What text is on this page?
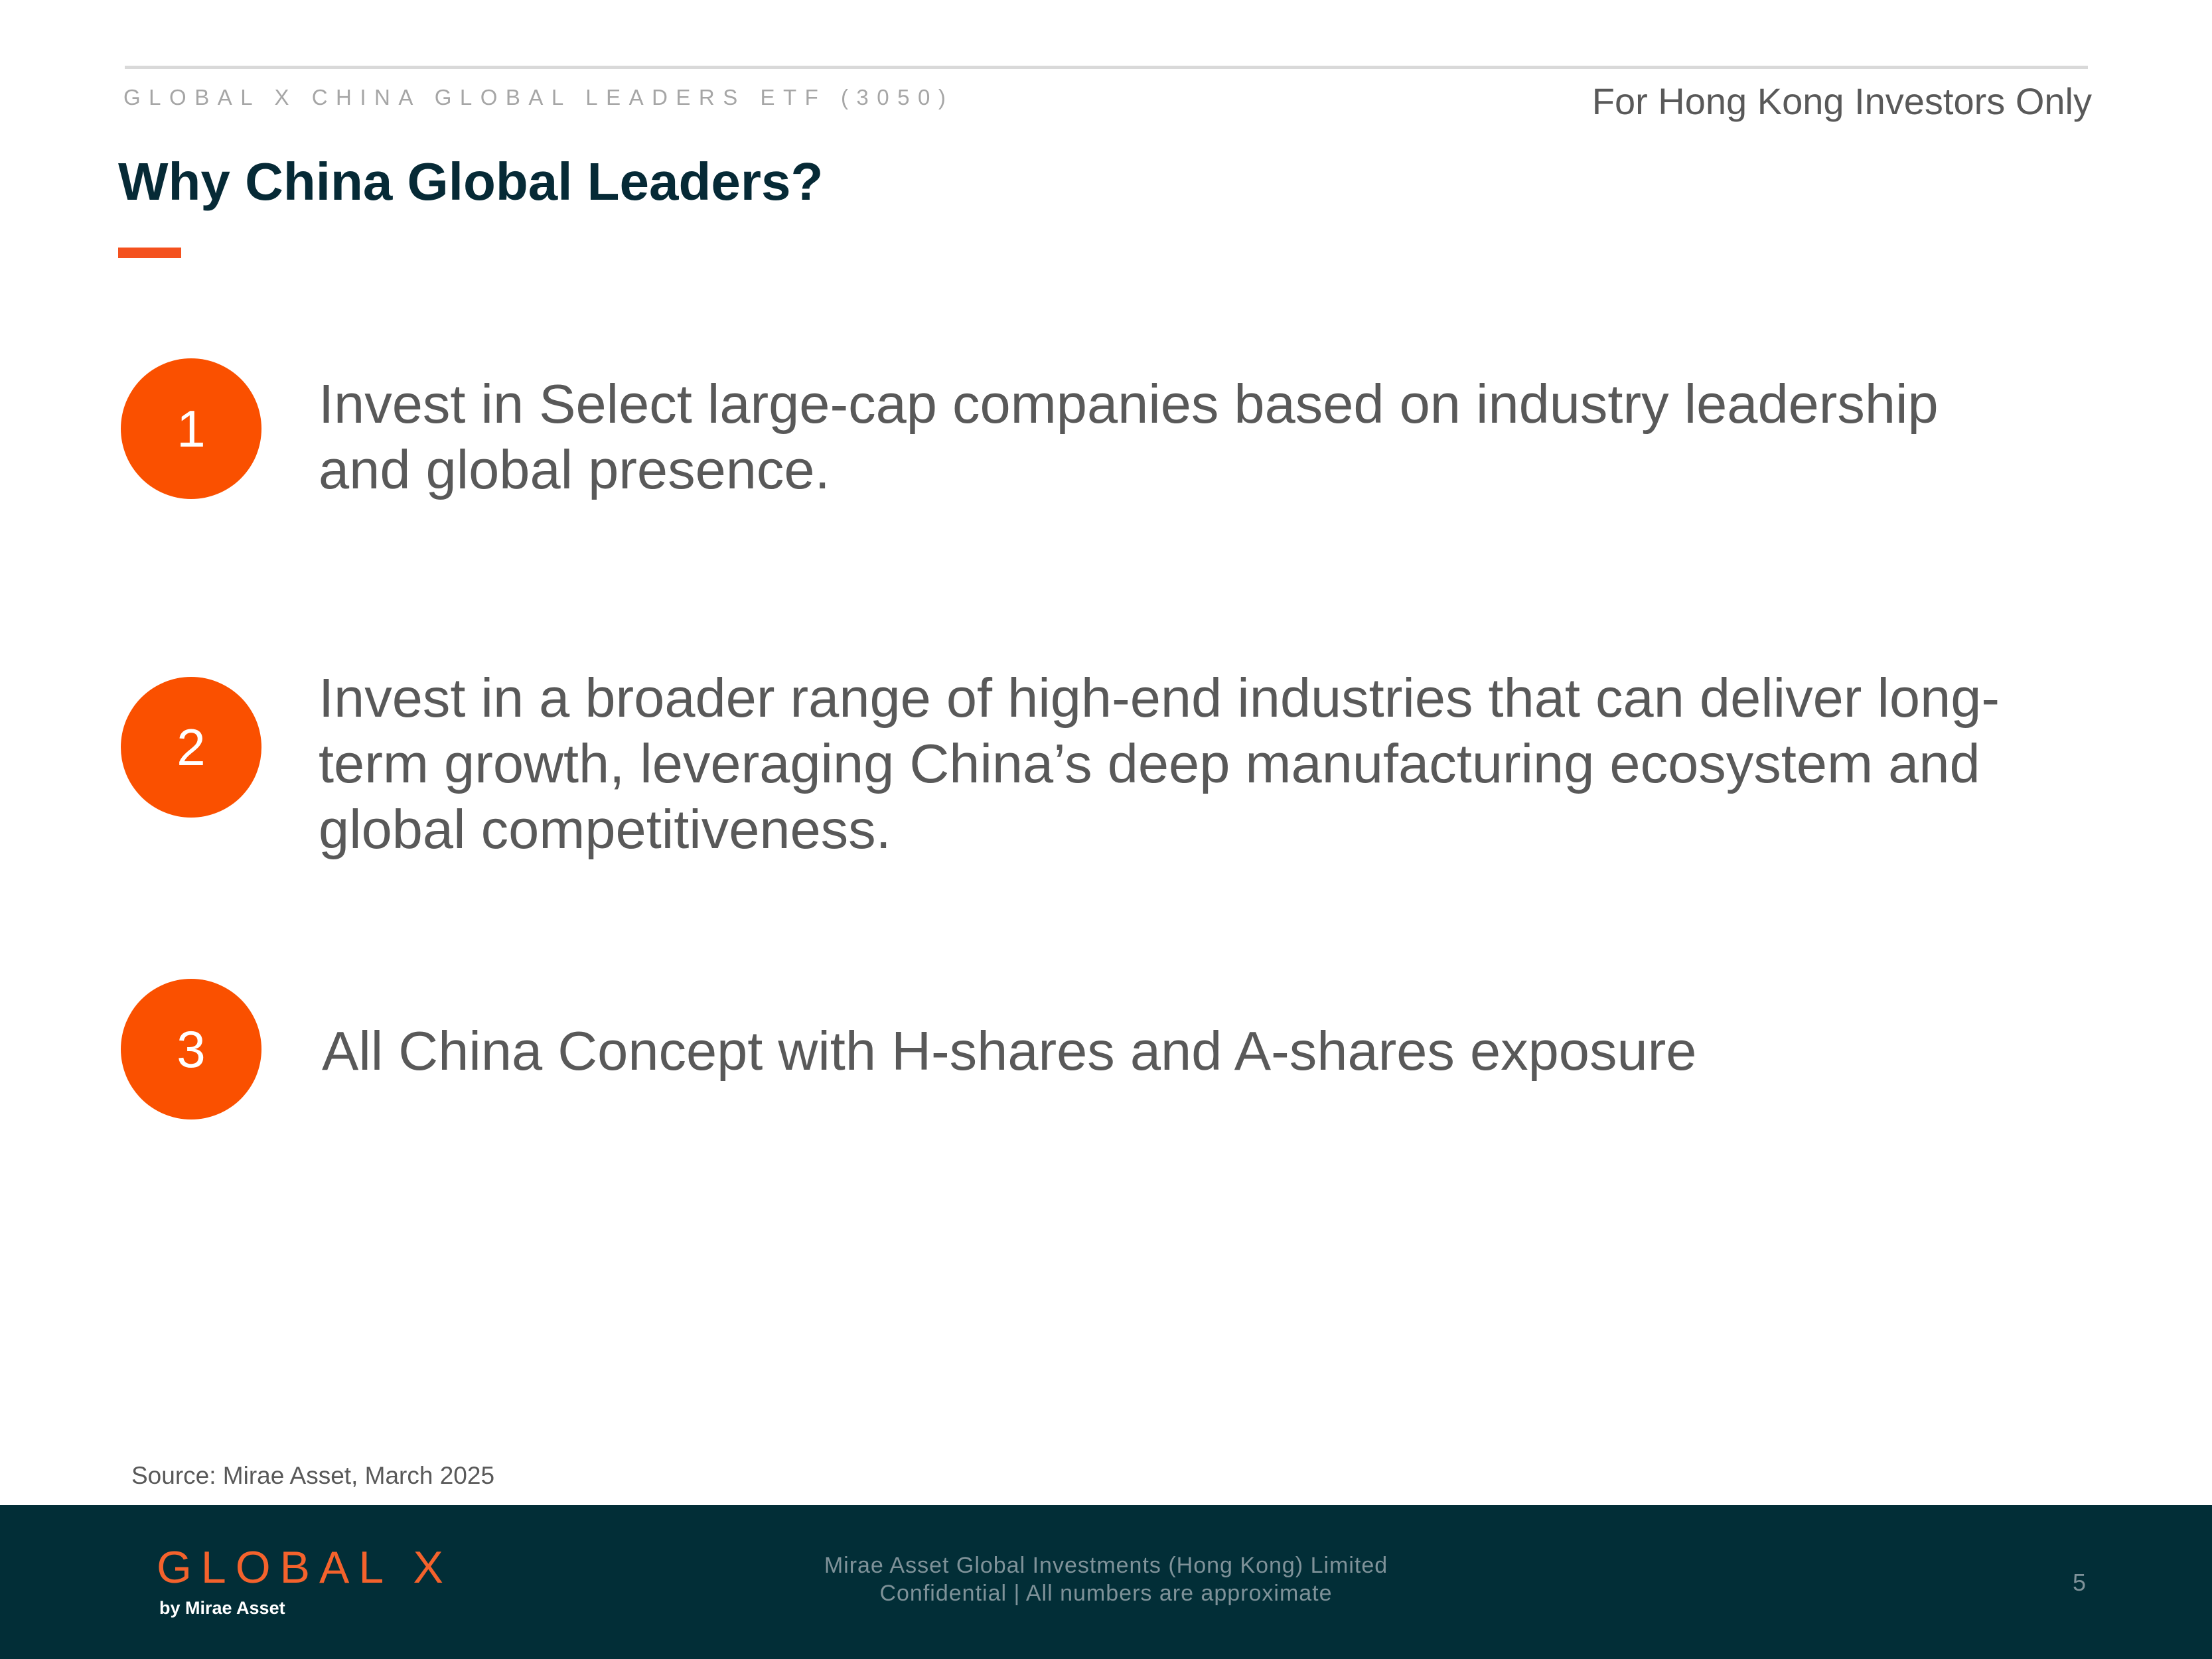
GLOBAL X CHINA GLOBAL LEADERS ETF (3050)	For Hong Kong Investors Only
Why China Global Leaders?
1	Invest in Select large-cap companies based on industry leadership and global presence.
2
Invest in a broader range of high-end industries that can deliver long-term growth, leveraging China’s deep manufacturing ecosystem and global competitiveness.
3	All China Concept with H-shares and A-shares exposure
Source: Mirae Asset, March 2025
GLOBAL X
by Mirae Asset
Mirae Asset Global Investments (Hong Kong) Limited
Confidential | All numbers are approximate	5
